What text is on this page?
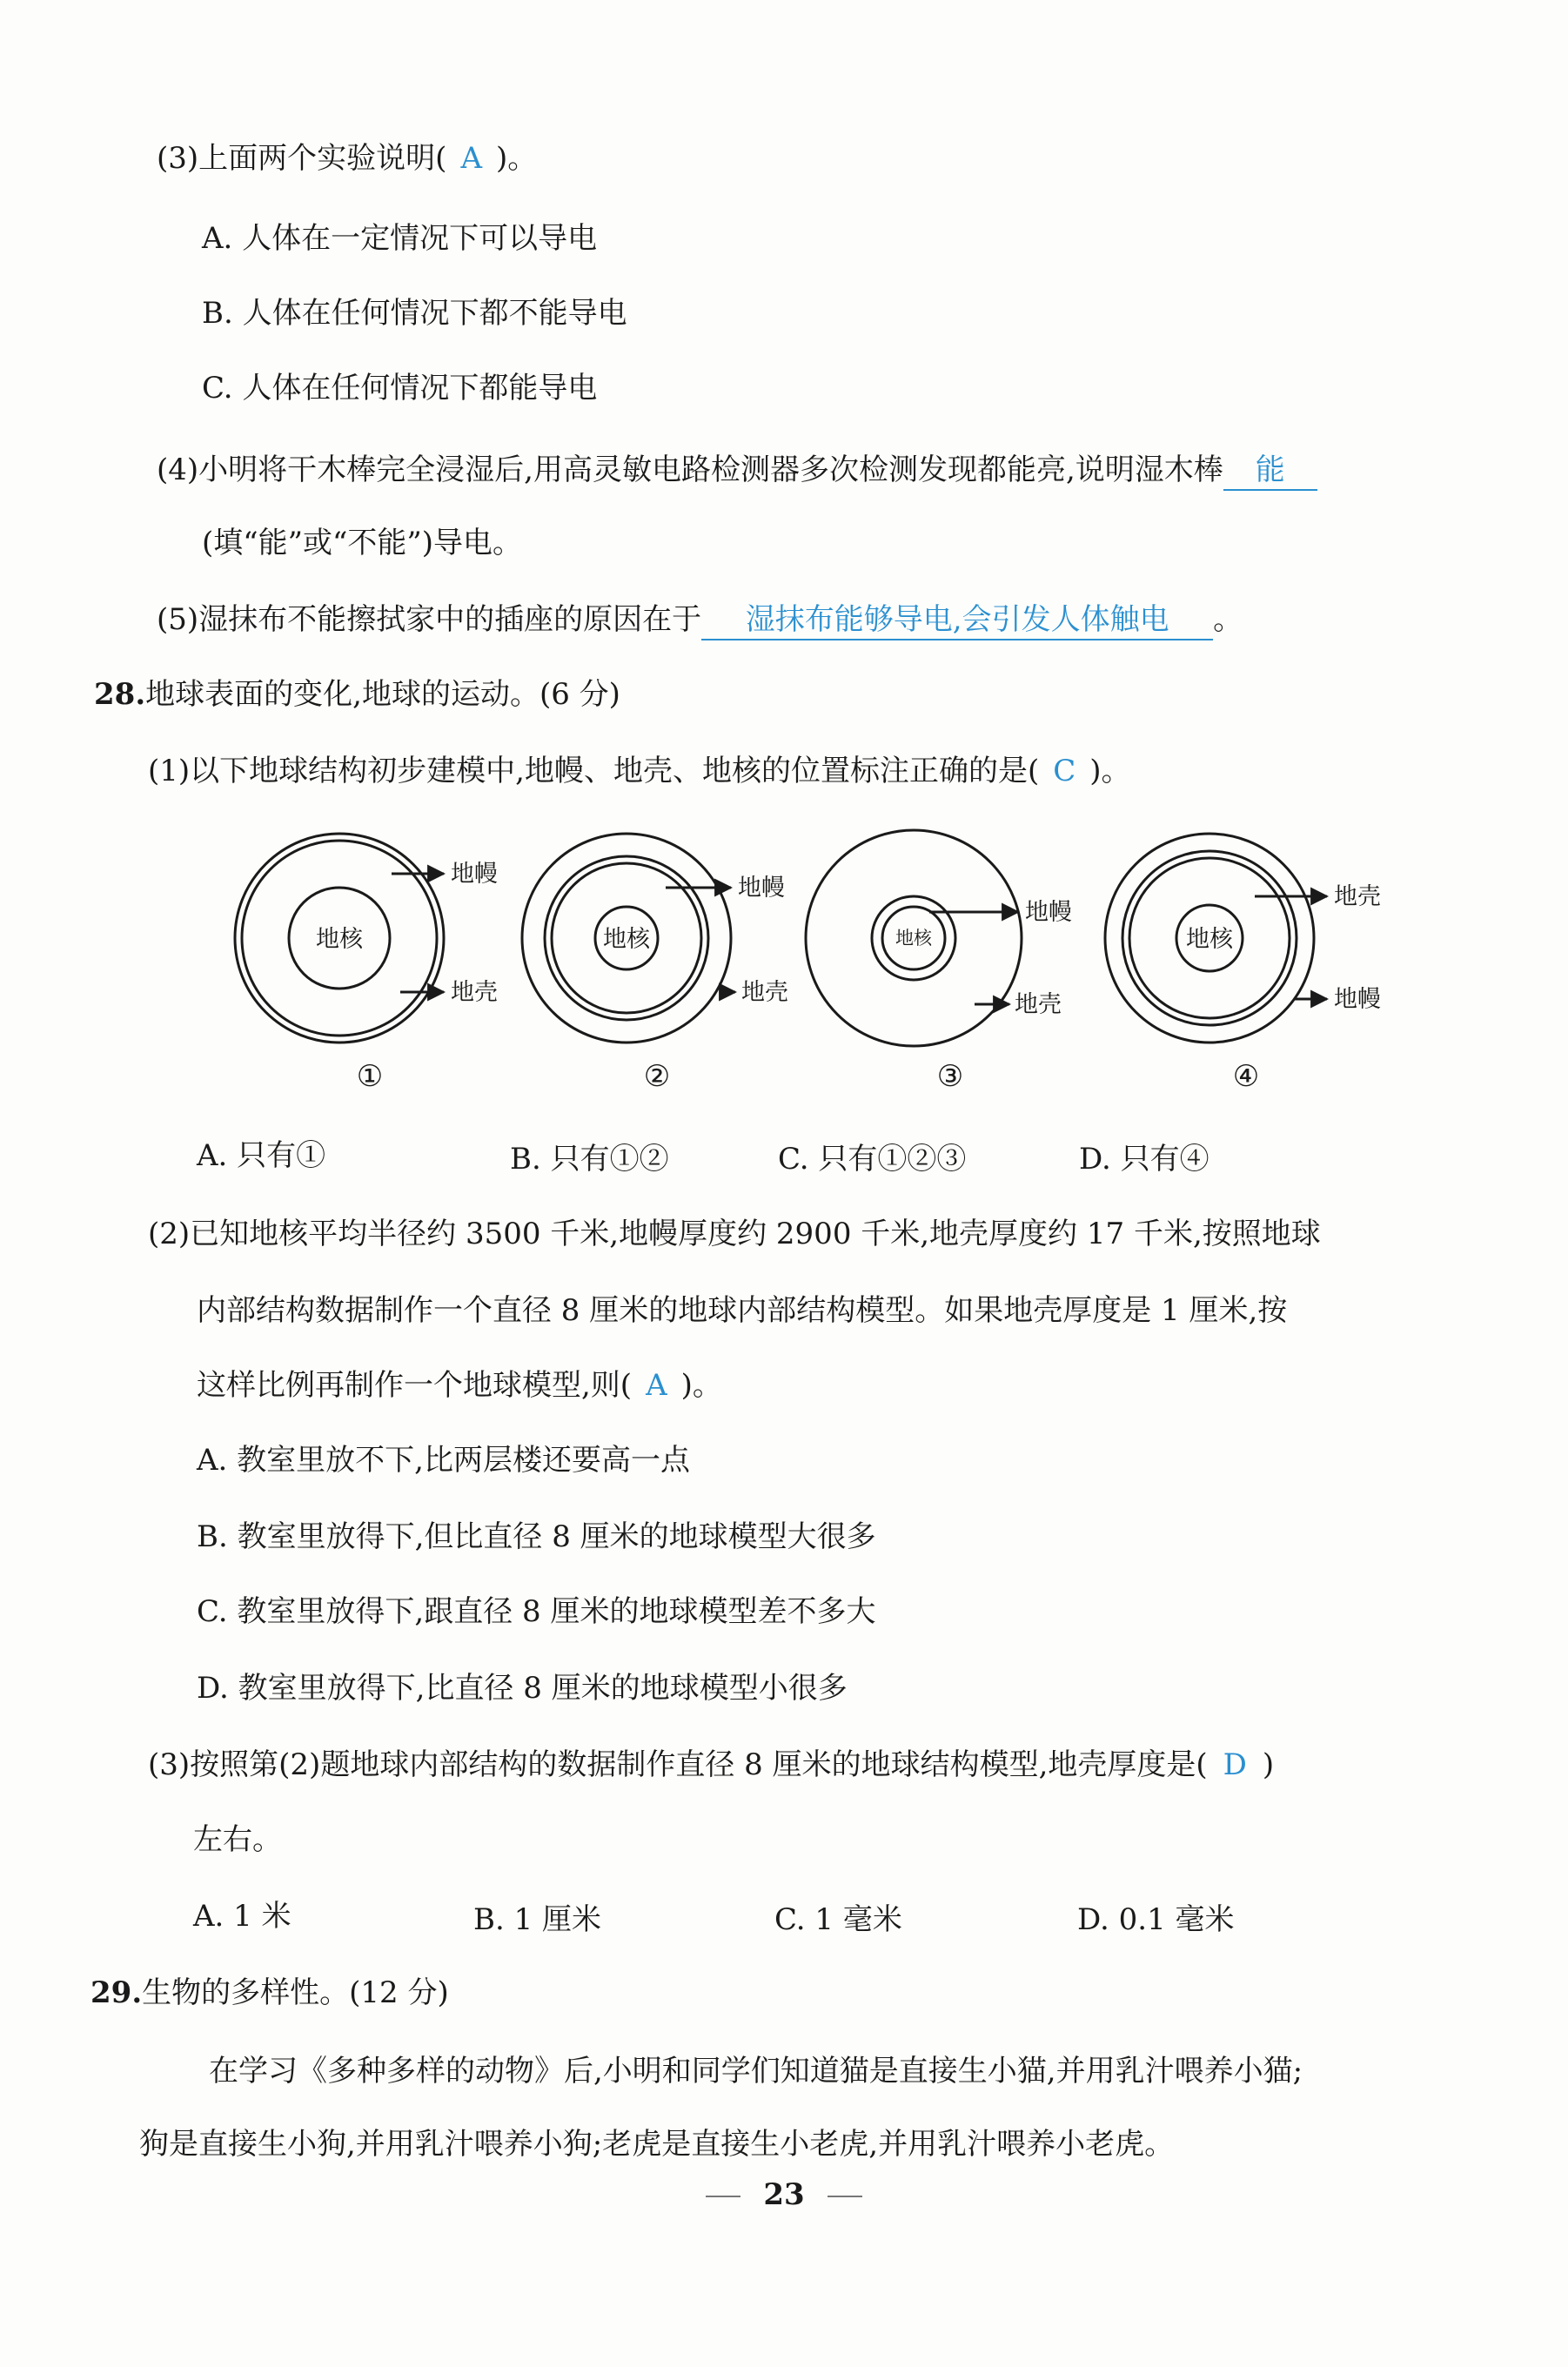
(3)上面两个实验说明( A )。
A. 人体在一定情况下可以导电
B. 人体在任何情况下都不能导电
C. 人体在任何情况下都能导电
(4)小明将干木棒完全浸湿后,用高灵敏电路检测器多次检测发现都能亮,说明湿木棒 能
(填“能”或“不能”)导电。
(5)湿抹布不能擦拭家中的插座的原因在于 湿抹布能够导电,会引发人体触电 。
28.地球表面的变化,地球的运动。(6 分)
(1)以下地球结构初步建模中,地幔、地壳、地核的位置标注正确的是( C )。
地核
地幔
地壳
地核
地幔
地壳
地核
地幔
地壳
地核
地壳
地幔
①	②	③	④
A. 只有①	B. 只有①②	C. 只有①②③	D. 只有④
(2)已知地核平均半径约 3500 千米,地幔厚度约 2900 千米,地壳厚度约 17 千米,按照地球
内部结构数据制作一个直径 8 厘米的地球内部结构模型。如果地壳厚度是 1 厘米,按
这样比例再制作一个地球模型,则( A )。
A. 教室里放不下,比两层楼还要高一点
B. 教室里放得下,但比直径 8 厘米的地球模型大很多
C. 教室里放得下,跟直径 8 厘米的地球模型差不多大
D. 教室里放得下,比直径 8 厘米的地球模型小很多
(3)按照第(2)题地球内部结构的数据制作直径 8 厘米的地球结构模型,地壳厚度是( D )
左右。
A. 1 米	B. 1 厘米	C. 1 毫米	D. 0.1 毫米
29.生物的多样性。(12 分)
在学习《多种多样的动物》后,小明和同学们知道猫是直接生小猫,并用乳汁喂养小猫;
狗是直接生小狗,并用乳汁喂养小狗;老虎是直接生小老虎,并用乳汁喂养小老虎。
23
